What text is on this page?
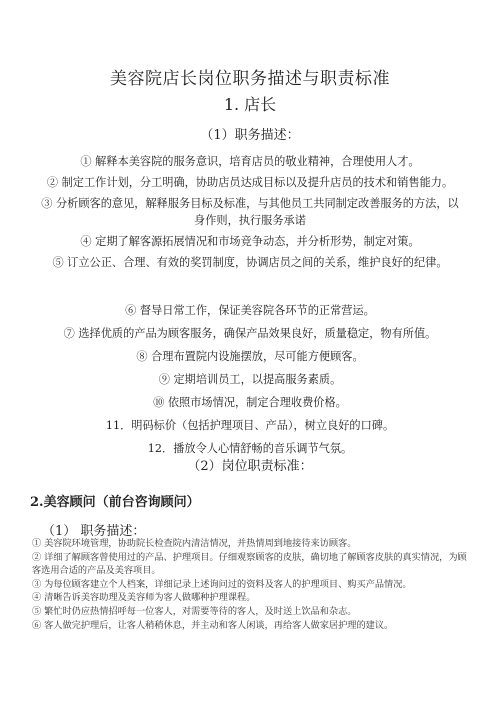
美容院店长岗位职务描述与职责标准
1. 店长
（1）职务描述：
① 解释本美容院的服务意识，培育店员的敬业精神，合理使用人才。
② 制定工作计划，分工明确，协助店员达成目标以及提升店员的技术和销售能力。
③ 分析顾客的意见，解释服务目标及标准，与其他员工共同制定改善服务的方法，以身作则，执行服务承诺
④ 定期了解客源拓展情况和市场竞争动态，并分析形势，制定对策。
⑤ 订立公正、合理、有效的奖罚制度，协调店员之间的关系，维护良好的纪律。
⑥ 督导日常工作，保证美容院各环节的正常营运。
⑦ 选择优质的产品为顾客服务，确保产品效果良好，质量稳定，物有所值。
⑧ 合理布置院内设施摆放，尽可能方便顾客。
⑨ 定期培训员工，以提高服务素质。
⑩ 依照市场情况，制定合理收费价格。
11．明码标价（包括护理项目、产品），树立良好的口碑。
12．播放令人心情舒畅的音乐调节气氛。
（2）岗位职责标准：
2.美容顾问（前台咨询顾问）
（1） 职务描述：
① 美容院环境管理，协助院长检查院内清洁情况，并热情周到地接待来访顾客。
② 详细了解顾客曾使用过的产品、护理项目。仔细观察顾客的皮肤，确切地了解顾客皮肤的真实情况，为顾客选用合适的产品及美容项目。
③ 为每位顾客建立个人档案，详细记录上述询问过的资料及客人的护理项目、购买产品情况。
④ 清晰告诉美容助理及美容师为客人做哪种护理课程。
⑤ 繁忙时仍应热情招呼每一位客人，对需要等待的客人，及时送上饮品和杂志。
⑥ 客人做完护理后，让客人稍稍休息，并主动和客人闲谈，再给客人做家居护理的建议。
